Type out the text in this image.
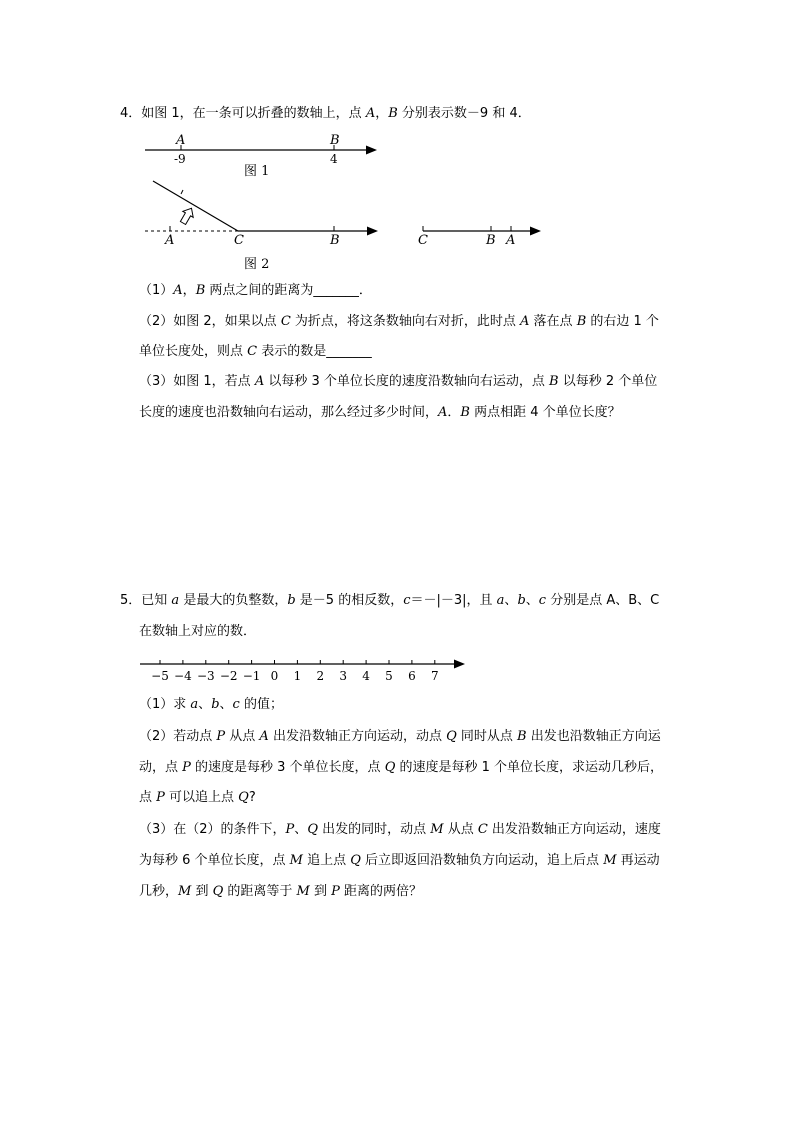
4．如图 1，在一条可以折叠的数轴上，点 A，B 分别表示数－9 和 4．
A	B
-9	4
图 1
A	C	B
图 2
C	B A
（1）A，B 两点之间的距离为_______．
（2）如图 2，如果以点 C 为折点，将这条数轴向右对折，此时点 A 落在点 B 的右边 1 个
单位长度处，则点 C 表示的数是_______
（3）如图 1，若点 A 以每秒 3 个单位长度的速度沿数轴向右运动，点 B 以每秒 2 个单位
长度的速度也沿数轴向右运动，那么经过多少时间，A．B 两点相距 4 个单位长度？
5．已知 a 是最大的负整数，b 是－5 的相反数，c＝－|－3|，且 a、b、c 分别是点 A、B、C
在数轴上对应的数．
−5 −4 −3 −2 −1 0 1 2 3 4 5 6 7
（1）求 a、b、c 的值；
（2）若动点 P 从点 A 出发沿数轴正方向运动，动点 Q 同时从点 B 出发也沿数轴正方向运
动，点 P 的速度是每秒 3 个单位长度，点 Q 的速度是每秒 1 个单位长度，求运动几秒后，
点 P 可以追上点 Q?
（3）在（2）的条件下，P、Q 出发的同时，动点 M 从点 C 出发沿数轴正方向运动，速度
为每秒 6 个单位长度，点 M 追上点 Q 后立即返回沿数轴负方向运动，追上后点 M 再运动
几秒，M 到 Q 的距离等于 M 到 P 距离的两倍？
